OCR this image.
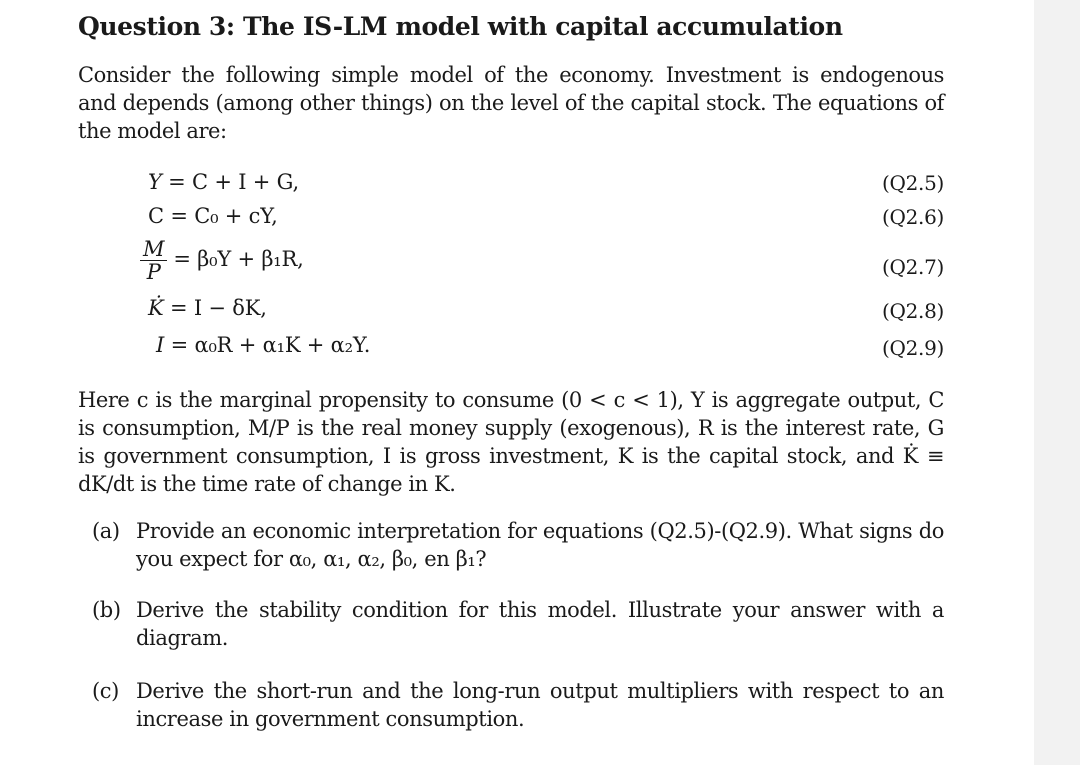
Question 3: The IS-LM model with capital accumulation

Consider the following simple model of the economy. Investment is endogenous
and depends (among other things) on the level of the capital stock. The equations of
the model are:

Y = C + I + G,	(Q2.5)
C = C₀ + cY,	(Q2.6)
$\frac{M}{P} = \beta_0Y + \beta_1R$,	(Q2.7)
K̇ = I − δK,	(Q2.8)
I = α₀R + α₁K + α₂Y.	(Q2.9)

Here c is the marginal propensity to consume (0 < c < 1), Y is aggregate output, C
is consumption, M/P is the real money supply (exogenous), R is the interest rate, G
is government consumption, I is gross investment, K is the capital stock, and K̇ ≡
dK/dt is the time rate of change in K.

(a) Provide an economic interpretation for equations (Q2.5)-(Q2.9). What signs do
you expect for α₀, α₁, α₂, β₀, en β₁?
(b) Derive the stability condition for this model. Illustrate your answer with a
diagram.
(c) Derive the short-run and the long-run output multipliers with respect to an
increase in government consumption.
